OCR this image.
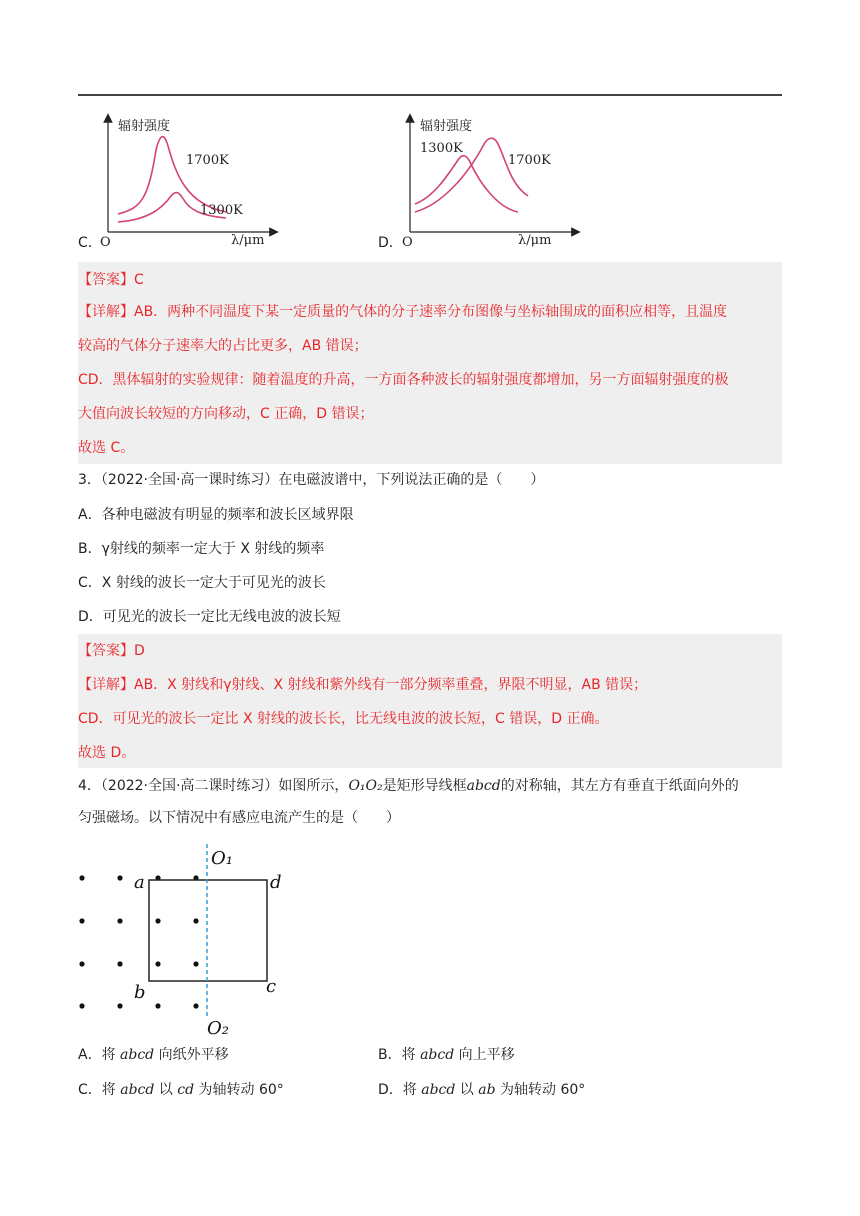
C．
辐射强度
O	λ/μm
1700K
1300K
D．
辐射强度
O	λ/μm
1300K
1700K
【答案】C
【详解】AB．两种不同温度下某一定质量的气体的分子速率分布图像与坐标轴围成的面积应相等，且温度
较高的气体分子速率大的占比更多，AB 错误；
CD．黑体辐射的实验规律：随着温度的升高，一方面各种波长的辐射强度都增加，另一方面辐射强度的极
大值向波长较短的方向移动，C 正确，D 错误；
故选 C。
3．（2022·全国·高一课时练习）在电磁波谱中，下列说法正确的是（　　）
A．各种电磁波有明显的频率和波长区域界限
B．γ射线的频率一定大于 X 射线的频率
C．X 射线的波长一定大于可见光的波长
D．可见光的波长一定比无线电波的波长短
【答案】D
【详解】AB．X 射线和γ射线、X 射线和紫外线有一部分频率重叠，界限不明显，AB 错误；
CD．可见光的波长一定比 X 射线的波长长，比无线电波的波长短，C 错误，D 正确。
故选 D。
4．（2022·全国·高二课时练习）如图所示，O₁O₂是矩形导线框abcd的对称轴，其左方有垂直于纸面向外的
匀强磁场。以下情况中有感应电流产生的是（　　）
O₁
O₂
a
b	c
d
A．将 abcd 向纸外平移	B．将 abcd 向上平移
C．将 abcd 以 cd 为轴转动 60°	D．将 abcd 以 ab 为轴转动 60°
